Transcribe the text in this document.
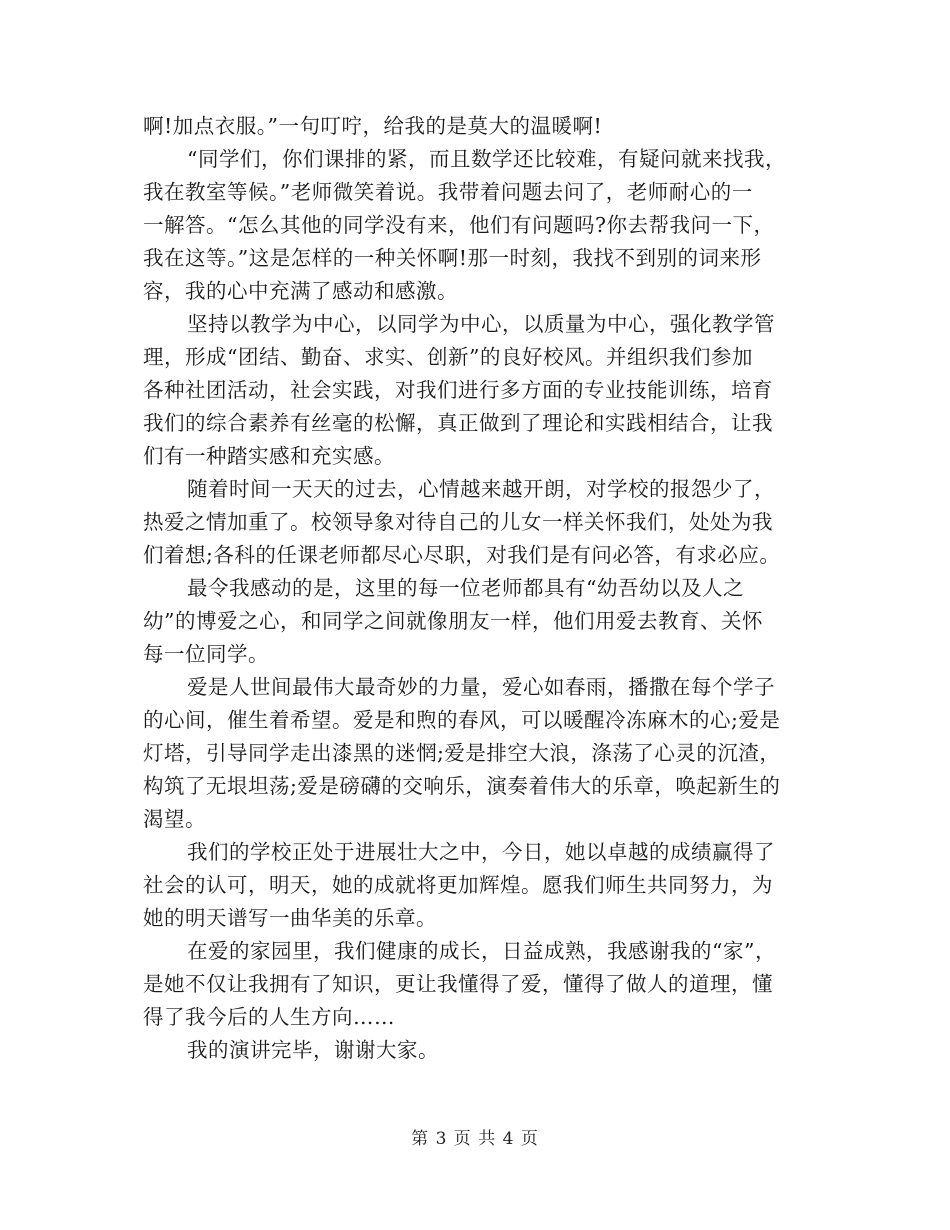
啊!加点衣服。”一句叮咛，给我的是莫大的温暖啊!
“同学们，你们课排的紧，而且数学还比较难，有疑问就来找我，
我在教室等候。”老师微笑着说。我带着问题去问了，老师耐心的一
一解答。“怎么其他的同学没有来，他们有问题吗?你去帮我问一下，
我在这等。”这是怎样的一种关怀啊!那一时刻，我找不到别的词来形
容，我的心中充满了感动和感激。
坚持以教学为中心，以同学为中心，以质量为中心，强化教学管
理，形成“团结、勤奋、求实、创新”的良好校风。并组织我们参加
各种社团活动，社会实践，对我们进行多方面的专业技能训练，培育
我们的综合素养有丝毫的松懈，真正做到了理论和实践相结合，让我
们有一种踏实感和充实感。
随着时间一天天的过去，心情越来越开朗，对学校的报怨少了，
热爱之情加重了。校领导象对待自己的儿女一样关怀我们，处处为我
们着想;各科的任课老师都尽心尽职，对我们是有问必答，有求必应。
最令我感动的是，这里的每一位老师都具有“幼吾幼以及人之
幼”的博爱之心，和同学之间就像朋友一样，他们用爱去教育、关怀
每一位同学。
爱是人世间最伟大最奇妙的力量，爱心如春雨，播撒在每个学子
的心间，催生着希望。爱是和煦的春风，可以暖醒冷冻麻木的心;爱是
灯塔，引导同学走出漆黑的迷惘;爱是排空大浪，涤荡了心灵的沉渣，
构筑了无垠坦荡;爱是磅礴的交响乐，演奏着伟大的乐章，唤起新生的
渴望。
我们的学校正处于进展壮大之中，今日，她以卓越的成绩赢得了
社会的认可，明天，她的成就将更加辉煌。愿我们师生共同努力，为
她的明天谱写一曲华美的乐章。
在爱的家园里，我们健康的成长，日益成熟，我感谢我的“家”，
是她不仅让我拥有了知识，更让我懂得了爱，懂得了做人的道理，懂
得了我今后的人生方向……
我的演讲完毕，谢谢大家。
第 3 页 共 4 页
